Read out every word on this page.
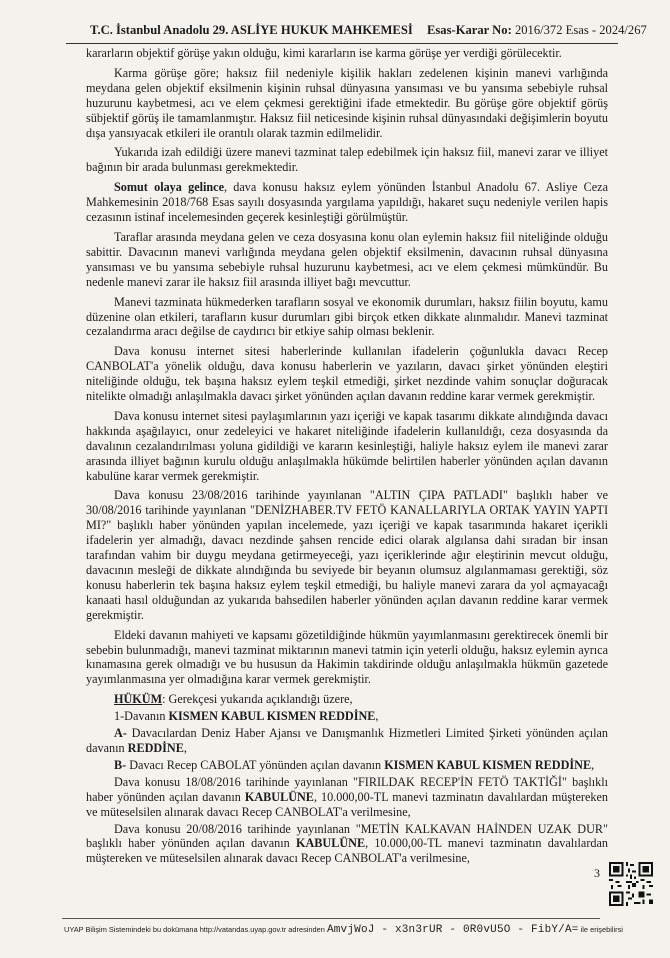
T.C. İstanbul Anadolu 29. ASLİYE HUKUK MAHKEMESİ Esas-Karar No: 2016/372 Esas - 2024/267

kararların objektif görüşe yakın olduğu, kimi kararların ise karma görüşe yer verdiği görülecektir.

Karma görüşe göre; haksız fiil nedeniyle kişilik hakları zedelenen kişinin manevi varlığında meydana gelen objektif eksilmenin kişinin ruhsal dünyasına yansıması ve bu yansıma sebebiyle ruhsal huzurunu kaybetmesi, acı ve elem çekmesi gerektiğini ifade etmektedir. Bu görüşe göre objektif görüş sübjektif görüş ile tamamlanmıştır. Haksız fiil neticesinde kişinin ruhsal dünyasındaki değişimlerin boyutu dışa yansıyacak etkileri ile orantılı olarak tazmin edilmelidir.

Yukarıda izah edildiği üzere manevi tazminat talep edebilmek için haksız fiil, manevi zarar ve illiyet bağının bir arada bulunması gerekmektedir.

Somut olaya gelince, dava konusu haksız eylem yönünden İstanbul Anadolu 67. Asliye Ceza Mahkemesinin 2018/768 Esas sayılı dosyasında yargılama yapıldığı, hakaret suçu nedeniyle verilen hapis cezasının istinaf incelemesinden geçerek kesinleştiği görülmüştür.

Taraflar arasında meydana gelen ve ceza dosyasına konu olan eylemin haksız fiil niteliğinde olduğu sabittir. Davacının manevi varlığında meydana gelen objektif eksilmenin, davacının ruhsal dünyasına yansıması ve bu yansıma sebebiyle ruhsal huzurunu kaybetmesi, acı ve elem çekmesi mümkündür. Bu nedenle manevi zarar ile haksız fiil arasında illiyet bağı mevcuttur.

Manevi tazminata hükmederken tarafların sosyal ve ekonomik durumları, haksız fiilin boyutu, kamu düzenine olan etkileri, tarafların kusur durumları gibi birçok etken dikkate alınmalıdır. Manevi tazminat cezalandırma aracı değilse de caydırıcı bir etkiye sahip olması beklenir.

Dava konusu internet sitesi haberlerinde kullanılan ifadelerin çoğunlukla davacı Recep CANBOLAT'a yönelik olduğu, dava konusu haberlerin ve yazıların, davacı şirket yönünden eleştiri niteliğinde olduğu, tek başına haksız eylem teşkil etmediği, şirket nezdinde vahim sonuçlar doğuracak nitelikte olmadığı anlaşılmakla davacı şirket yönünden açılan davanın reddine karar vermek gerekmiştir.

Dava konusu internet sitesi paylaşımlarının yazı içeriği ve kapak tasarımı dikkate alındığında davacı hakkında aşağılayıcı, onur zedeleyici ve hakaret niteliğinde ifadelerin kullanıldığı, ceza dosyasında da davalının cezalandırılması yoluna gidildiği ve kararın kesinleştiği, haliyle haksız eylem ile manevi zarar arasında illiyet bağının kurulu olduğu anlaşılmakla hükümde belirtilen haberler yönünden açılan davanın kabulüne karar vermek gerekmiştir.

Dava konusu 23/08/2016 tarihinde yayınlanan "ALTIN ÇIPA PATLADI" başlıklı haber ve 30/08/2016 tarihinde yayınlanan "DENİZHABER.TV FETÖ KANALLARIYLA ORTAK YAYIN YAPTI MI?" başlıklı haber yönünden yapılan incelemede, yazı içeriği ve kapak tasarımında hakaret içerikli ifadelerin yer almadığı, davacı nezdinde şahsen rencide edici olarak algılansa dahi sıradan bir insan tarafından vahim bir duygu meydana getirmeyeceği, yazı içeriklerinde ağır eleştirinin mevcut olduğu, davacının mesleği de dikkate alındığında bu seviyede bir beyanın olumsuz algılanmaması gerektiği, söz konusu haberlerin tek başına haksız eylem teşkil etmediği, bu haliyle manevi zarara da yol açmayacağı kanaati hasıl olduğundan az yukarıda bahsedilen haberler yönünden açılan davanın reddine karar vermek gerekmiştir.

Eldeki davanın mahiyeti ve kapsamı gözetildiğinde hükmün yayımlanmasını gerektirecek önemli bir sebebin bulunmadığı, manevi tazminat miktarının manevi tatmin için yeterli olduğu, haksız eylemin ayrıca kınamasına gerek olmadığı ve bu hususun da Hakimin takdirinde olduğu anlaşılmakla hükmün gazetede yayımlanmasına yer olmadığına karar vermek gerekmiştir.

HÜKÜM: Gerekçesi yukarıda açıklandığı üzere,

1-Davanın KISMEN KABUL KISMEN REDDİNE,

A- Davacılardan Deniz Haber Ajansı ve Danışmanlık Hizmetleri Limited Şirketi yönünden açılan davanın REDDİNE,

B- Davacı Recep CABOLAT yönünden açılan davanın KISMEN KABUL KISMEN REDDİNE,

Dava konusu 18/08/2016 tarihinde yayınlanan "FIRILDAK RECEP'İN FETÖ TAKTİĞİ" başlıklı haber yönünden açılan davanın KABULÜNE, 10.000,00-TL manevi tazminatın davalılardan müştereken ve müteselsilen alınarak davacı Recep CANBOLAT'a verilmesine,

Dava konusu 20/08/2016 tarihinde yayınlanan "METİN KALKAVAN HAİNDEN UZAK DUR" başlıklı haber yönünden açılan davanın KABULÜNE, 10.000,00-TL manevi tazminatın davalılardan müştereken ve müteselsilen alınarak davacı Recep CANBOLAT'a verilmesine,

3
UYAP Bilişim Sistemindeki bu dokümana http://vatandas.uyap.gov.tr adresinden AmvjWoJ - x3n3rUR - 0R0vU5O - FibY/A= ile erişebilirsi
